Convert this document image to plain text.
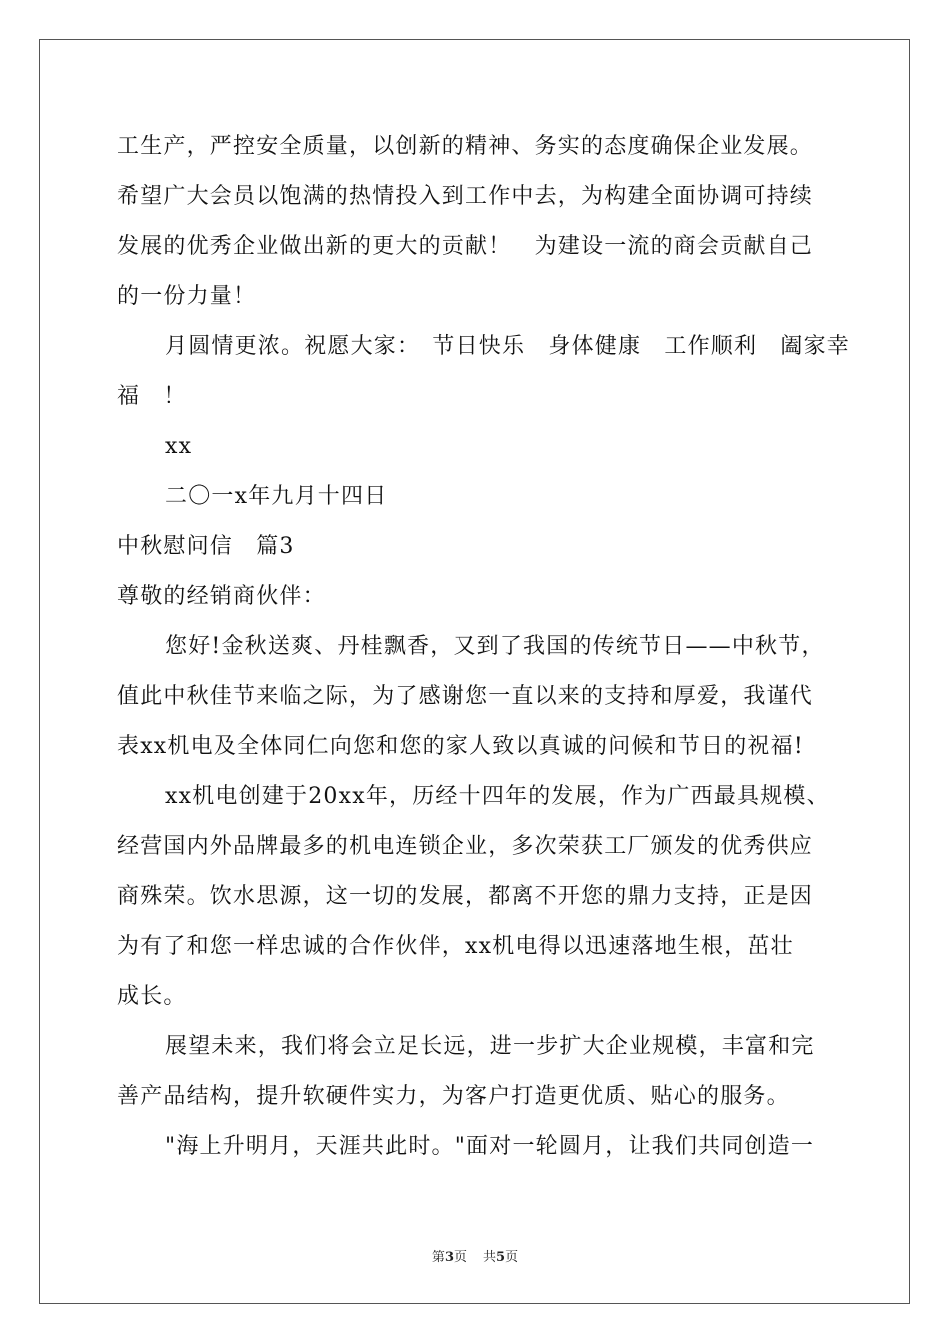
工生产，严控安全质量，以创新的精神、务实的态度确保企业发展。
希望广大会员以饱满的热情投入到工作中去，为构建全面协调可持续
发展的优秀企业做出新的更大的贡献！　为建设一流的商会贡献自己
的一份力量！
月圆情更浓。祝愿大家：　节日快乐　身体健康　工作顺利　阖家幸
福　！
xx
二〇一x年九月十四日
中秋慰问信　篇3
尊敬的经销商伙伴：
您好!金秋送爽、丹桂飘香，又到了我国的传统节日——中秋节，
值此中秋佳节来临之际，为了感谢您一直以来的支持和厚爱，我谨代
表xx机电及全体同仁向您和您的家人致以真诚的问候和节日的祝福!
xx机电创建于20xx年，历经十四年的发展，作为广西最具规模、
经营国内外品牌最多的机电连锁企业，多次荣获工厂颁发的优秀供应
商殊荣。饮水思源，这一切的发展，都离不开您的鼎力支持，正是因
为有了和您一样忠诚的合作伙伴，xx机电得以迅速落地生根，茁壮
成长。
展望未来，我们将会立足长远，进一步扩大企业规模，丰富和完
善产品结构，提升软硬件实力，为客户打造更优质、贴心的服务。
"海上升明月，天涯共此时。"面对一轮圆月，让我们共同创造一
第3页 共5页
